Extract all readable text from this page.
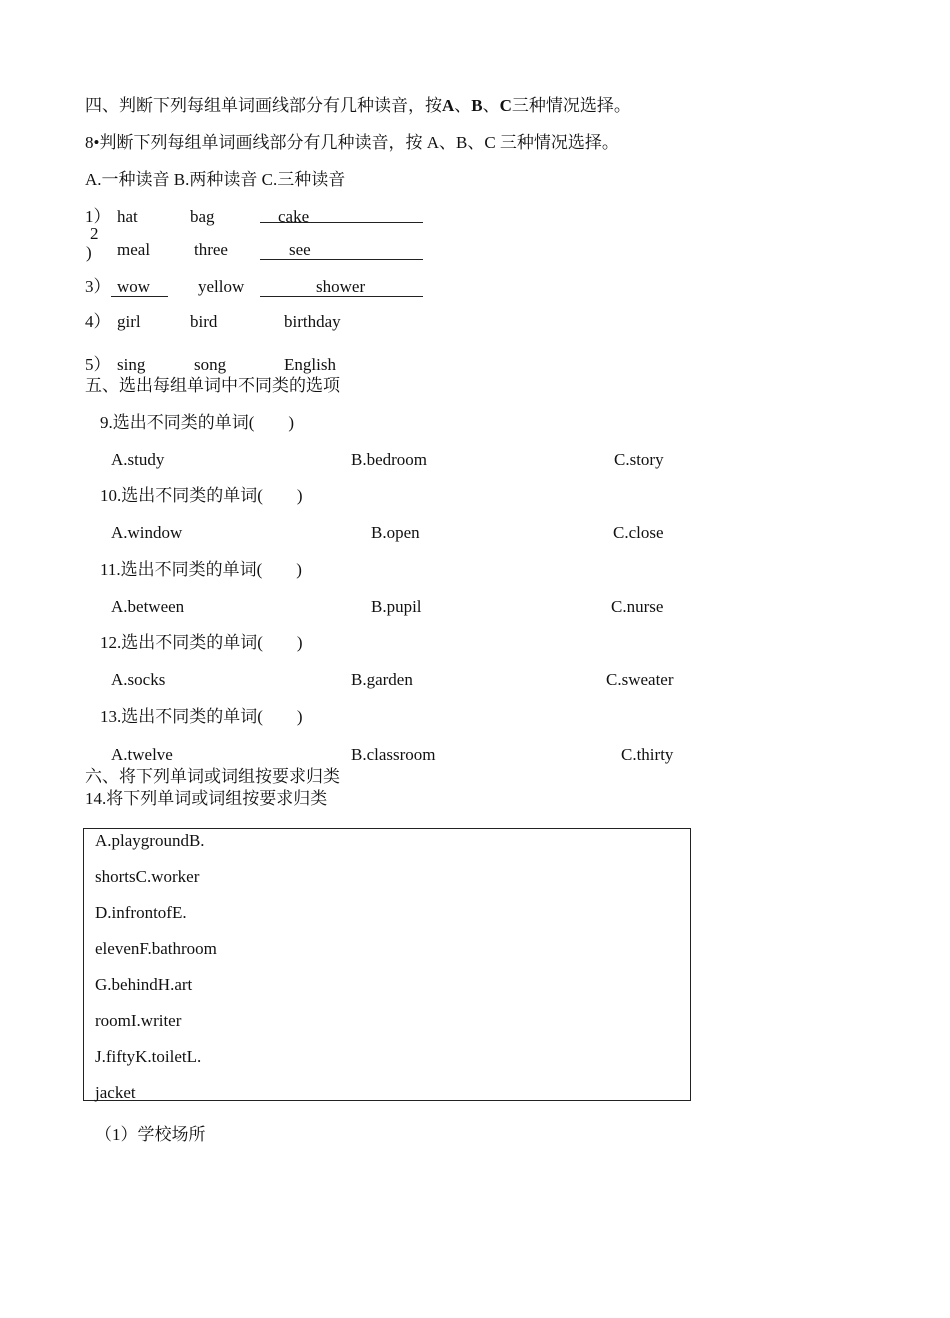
四、判断下列每组单词画线部分有几种读音，按A、B、C三种情况选择。
8•判断下列每组单词画线部分有几种读音，按 A、B、C 三种情况选择。
A.一种读音 B.两种读音 C.三种读音
1） hat	bag	cake
2
) meal	three	see
3） wow	yellow	shower
4） girl	bird	birthday
5） sing	song	English
五、选出每组单词中不同类的选项
9.选出不同类的单词(　　)
A.study	B.bedroom	C.story
10.选出不同类的单词(　　)
A.window	B.open	C.close
11.选出不同类的单词(　　)
A.between	B.pupil	C.nurse
12.选出不同类的单词(　　)
A.socks	B.garden	C.sweater
13.选出不同类的单词(　　)
A.twelve	B.classroom	C.thirty
六、将下列单词或词组按要求归类
14.将下列单词或词组按要求归类
A.playgroundB.
shortsC.worker
D.infrontofE.
elevenF.bathroom
G.behindH.art
roomI.writer
J.fiftyK.toiletL.
jacket
（1）学校场所
